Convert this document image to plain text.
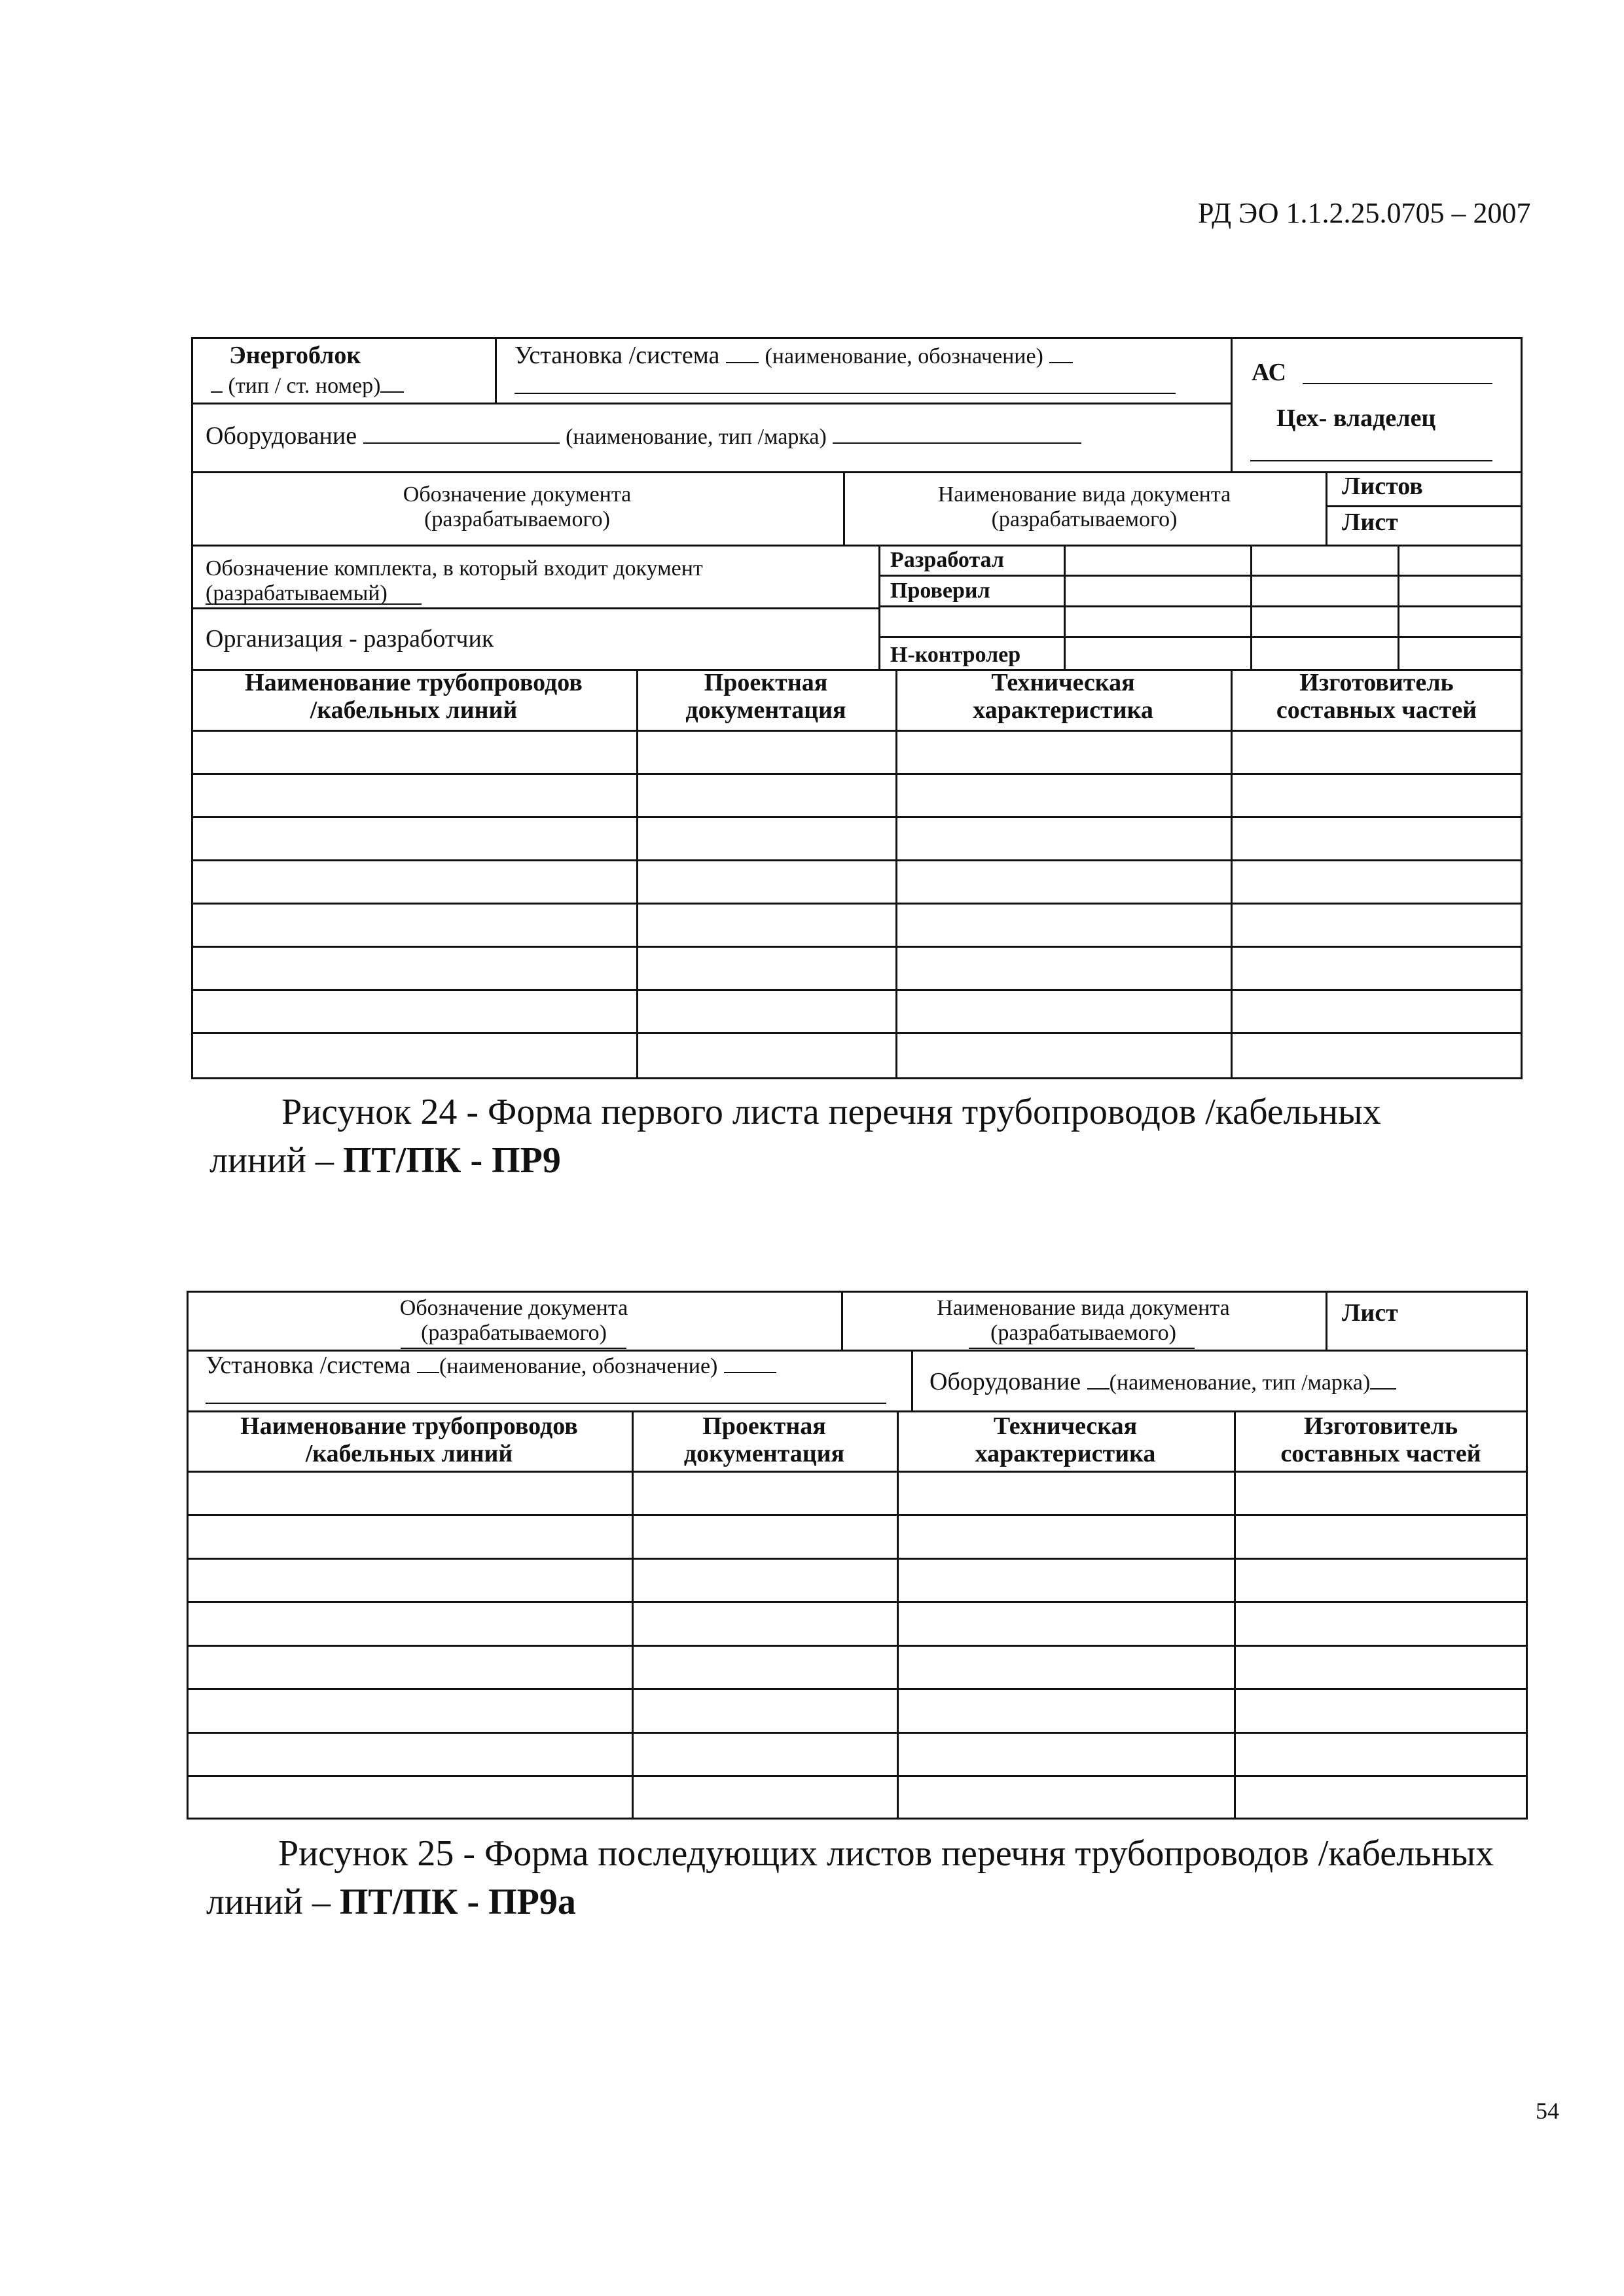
РД ЭО 1.1.2.25.0705 – 2007
Энергоблок
(тип / ст. номер)
Установка /система (наименование, обозначение)
АС
Оборудование	(наименование, тип /марка)
Цех- владелец
Обозначение документа
(разрабатываемого)
Наименование вида документа
(разрабатываемого)
Листов
Лист
Обозначение комплекта, в который входит документ
(разрабатываемый)
Организация - разработчик
Разработал
Проверил
Н-контролер
Наименование трубопроводов
/кабельных линий
Проектная
документация
Техническая
характеристика
Изготовитель
составных частей
Рисунок 24 - Форма первого листа перечня трубопроводов /кабельных
линий – ПТ/ПК - ПР9
Обозначение документа
(разрабатываемого)
Наименование вида документа
(разрабатываемого)
Лист
Установка /система (наименование, обозначение)
Оборудование (наименование, тип /марка)
Наименование трубопроводов
/кабельных линий
Проектная
документация
Техническая
характеристика
Изготовитель
составных частей
Рисунок 25 - Форма последующих листов перечня трубопроводов /кабельных
линий – ПТ/ПК - ПР9а
54
